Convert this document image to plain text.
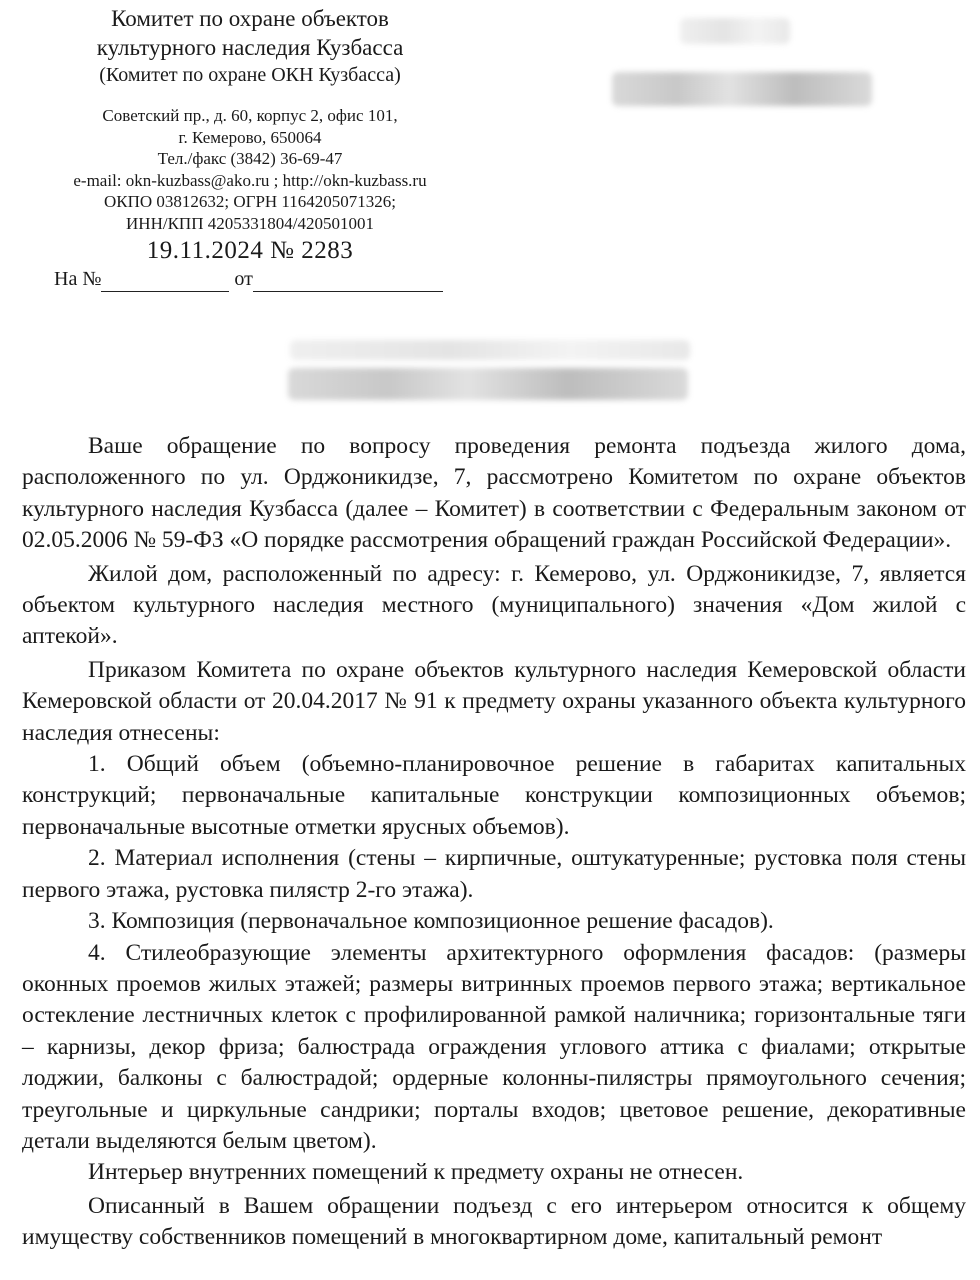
Комитет по охране объектов
культурного наследия Кузбасса
(Комитет по охране ОКН Кузбасса)
Советский пр., д. 60, корпус 2, офис 101,
г. Кемерово, 650064
Тел./факс (3842) 36-69-47
e-mail: okn-kuzbass@ako.ru ; http://okn-kuzbass.ru
ОКПО 03812632; ОГРН 1164205071326;
ИНН/КПП 4205331804/420501001
19.11.2024 № 2283
На №	от

Ваше обращение по вопросу проведения ремонта подъезда жилого дома, расположенного по ул. Орджоникидзе, 7, рассмотрено Комитетом по охране объектов культурного наследия Кузбасса (далее – Комитет) в соответствии с Федеральным законом от 02.05.2006 № 59-ФЗ «О порядке рассмотрения обращений граждан Российской Федерации».

Жилой дом, расположенный по адресу: г. Кемерово, ул. Орджоникидзе, 7, является объектом культурного наследия местного (муниципального) значения «Дом жилой с аптекой».

Приказом Комитета по охране объектов культурного наследия Кемеровской области Кемеровской области от 20.04.2017 № 91 к предмету охраны указанного объекта культурного наследия отнесены:

1. Общий объем (объемно-планировочное решение в габаритах капитальных конструкций; первоначальные капитальные конструкции композиционных объемов; первоначальные высотные отметки ярусных объемов).

2. Материал исполнения (стены – кирпичные, оштукатуренные; рустовка поля стены первого этажа, рустовка пилястр 2-го этажа).

3. Композиция (первоначальное композиционное решение фасадов).

4. Стилеобразующие элементы архитектурного оформления фасадов: (размеры оконных проемов жилых этажей; размеры витринных проемов первого этажа; вертикальное остекление лестничных клеток с профилированной рамкой наличника; горизонтальные тяги – карнизы, декор фриза; балюстрада ограждения углового аттика с фиалами; открытые лоджии, балконы с балюстрадой; ордерные колонны-пилястры прямоугольного сечения; треугольные и циркульные сандрики; порталы входов; цветовое решение, декоративные детали выделяются белым цветом).

Интерьер внутренних помещений к предмету охраны не отнесен.

Описанный в Вашем обращении подъезд с его интерьером относится к общему имуществу собственников помещений в многоквартирном доме, капитальный ремонт
